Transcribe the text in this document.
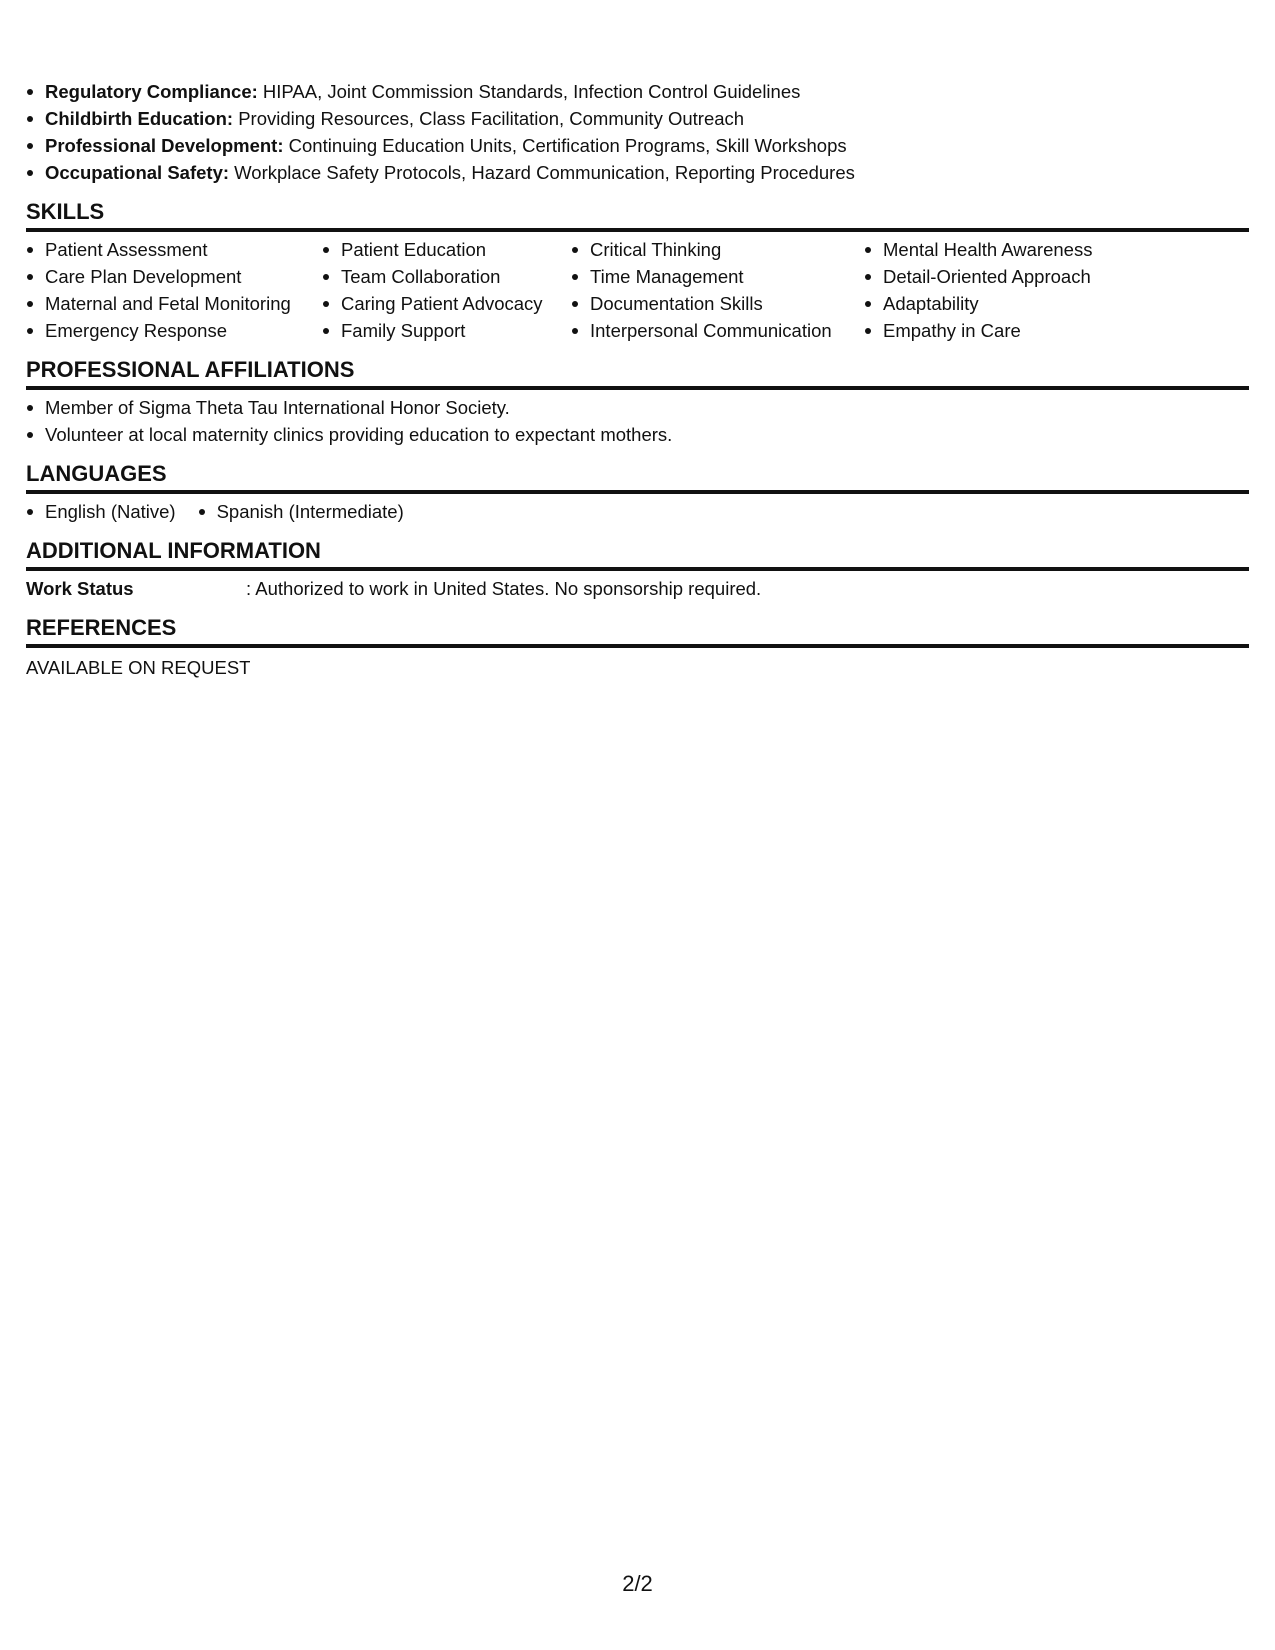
Regulatory Compliance: HIPAA, Joint Commission Standards, Infection Control Guidelines
Childbirth Education: Providing Resources, Class Facilitation, Community Outreach
Professional Development: Continuing Education Units, Certification Programs, Skill Workshops
Occupational Safety: Workplace Safety Protocols, Hazard Communication, Reporting Procedures
SKILLS
Patient Assessment
Care Plan Development
Maternal and Fetal Monitoring
Emergency Response
Patient Education
Team Collaboration
Caring Patient Advocacy
Family Support
Critical Thinking
Time Management
Documentation Skills
Interpersonal Communication
Mental Health Awareness
Detail-Oriented Approach
Adaptability
Empathy in Care
PROFESSIONAL AFFILIATIONS
Member of Sigma Theta Tau International Honor Society.
Volunteer at local maternity clinics providing education to expectant mothers.
LANGUAGES
English (Native)	Spanish (Intermediate)
ADDITIONAL INFORMATION
Work Status	: Authorized to work in United States. No sponsorship required.
REFERENCES
AVAILABLE ON REQUEST
2/2
